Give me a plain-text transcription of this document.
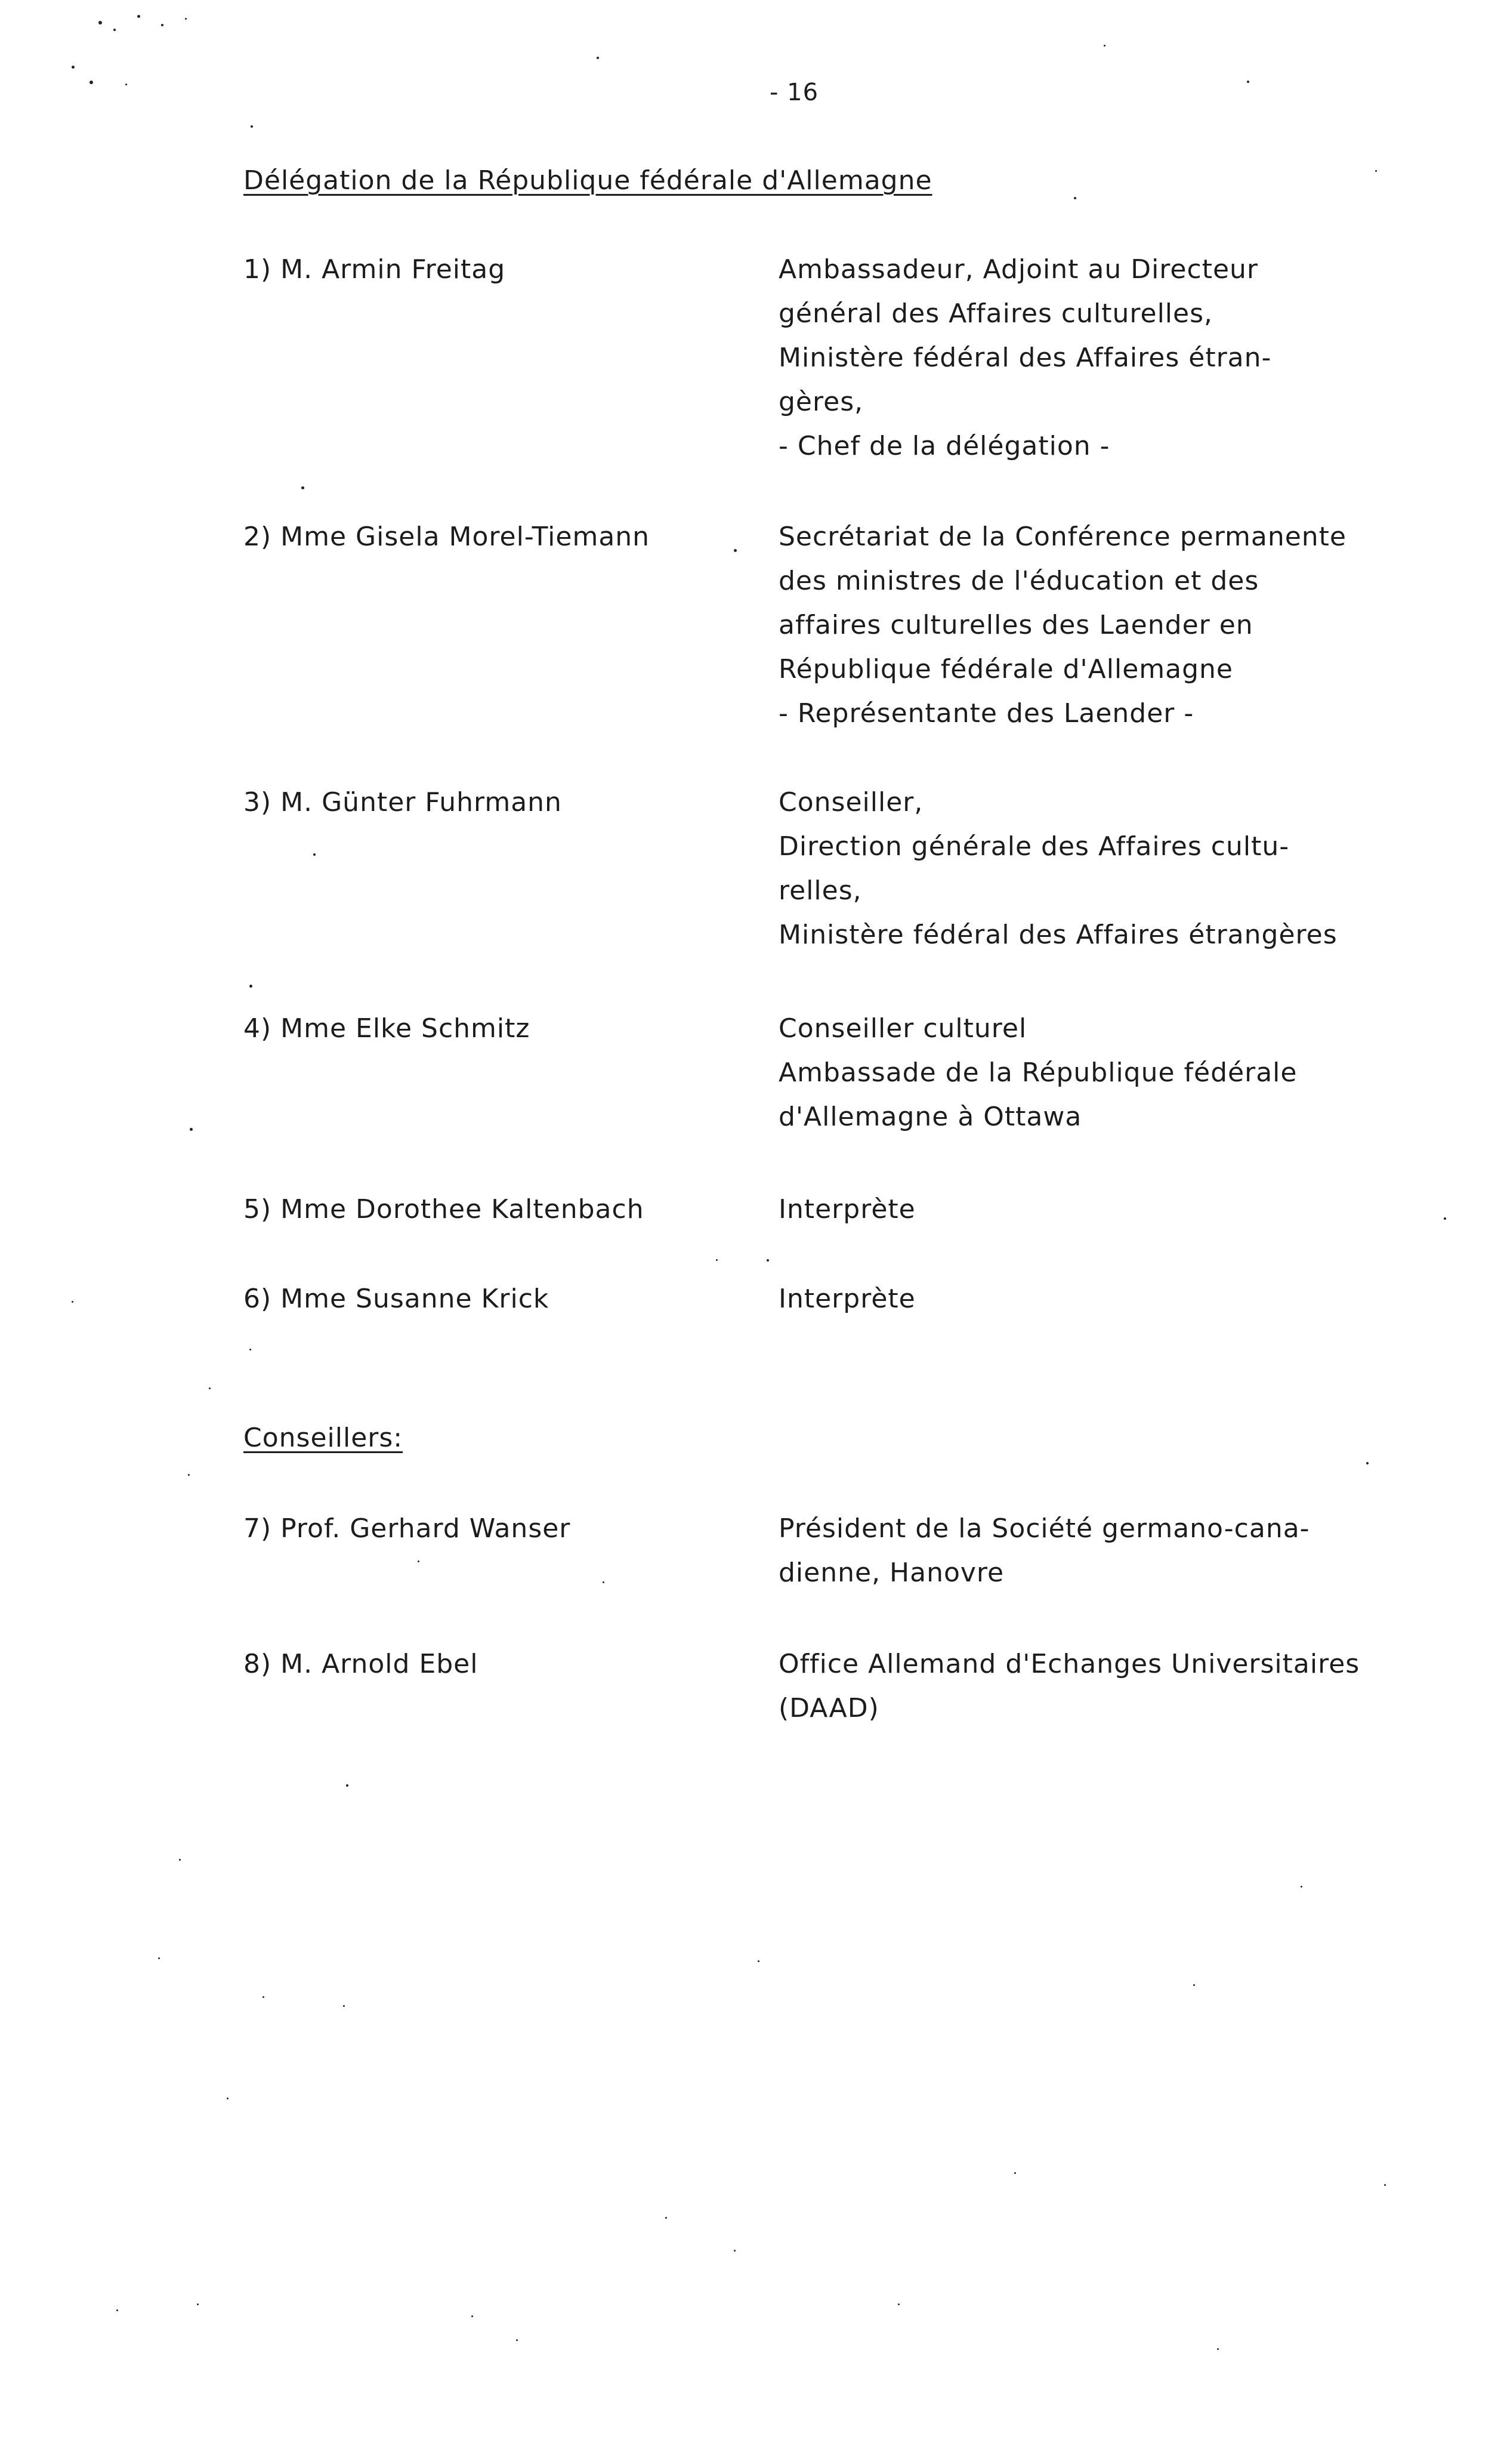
- 16
Délégation de la République fédérale d'Allemagne
1) M. Armin Freitag	Ambassadeur, Adjoint au Directeur
général des Affaires culturelles,
Ministère fédéral des Affaires étran-
gères,
- Chef de la délégation -
2) Mme Gisela Morel-Tiemann	Secrétariat de la Conférence permanente
des ministres de l'éducation et des
affaires culturelles des Laender en
République fédérale d'Allemagne
- Représentante des Laender -
3) M. Günter Fuhrmann	Conseiller,
Direction générale des Affaires cultu-
relles,
Ministère fédéral des Affaires étrangères
4) Mme Elke Schmitz	Conseiller culturel
Ambassade de la République fédérale
d'Allemagne à Ottawa
5) Mme Dorothee Kaltenbach	Interprète
6) Mme Susanne Krick	Interprète
Conseillers:
7) Prof. Gerhard Wanser	Président de la Société germano-cana-
dienne, Hanovre
8) M. Arnold Ebel	Office Allemand d'Echanges Universitaires
(DAAD)
